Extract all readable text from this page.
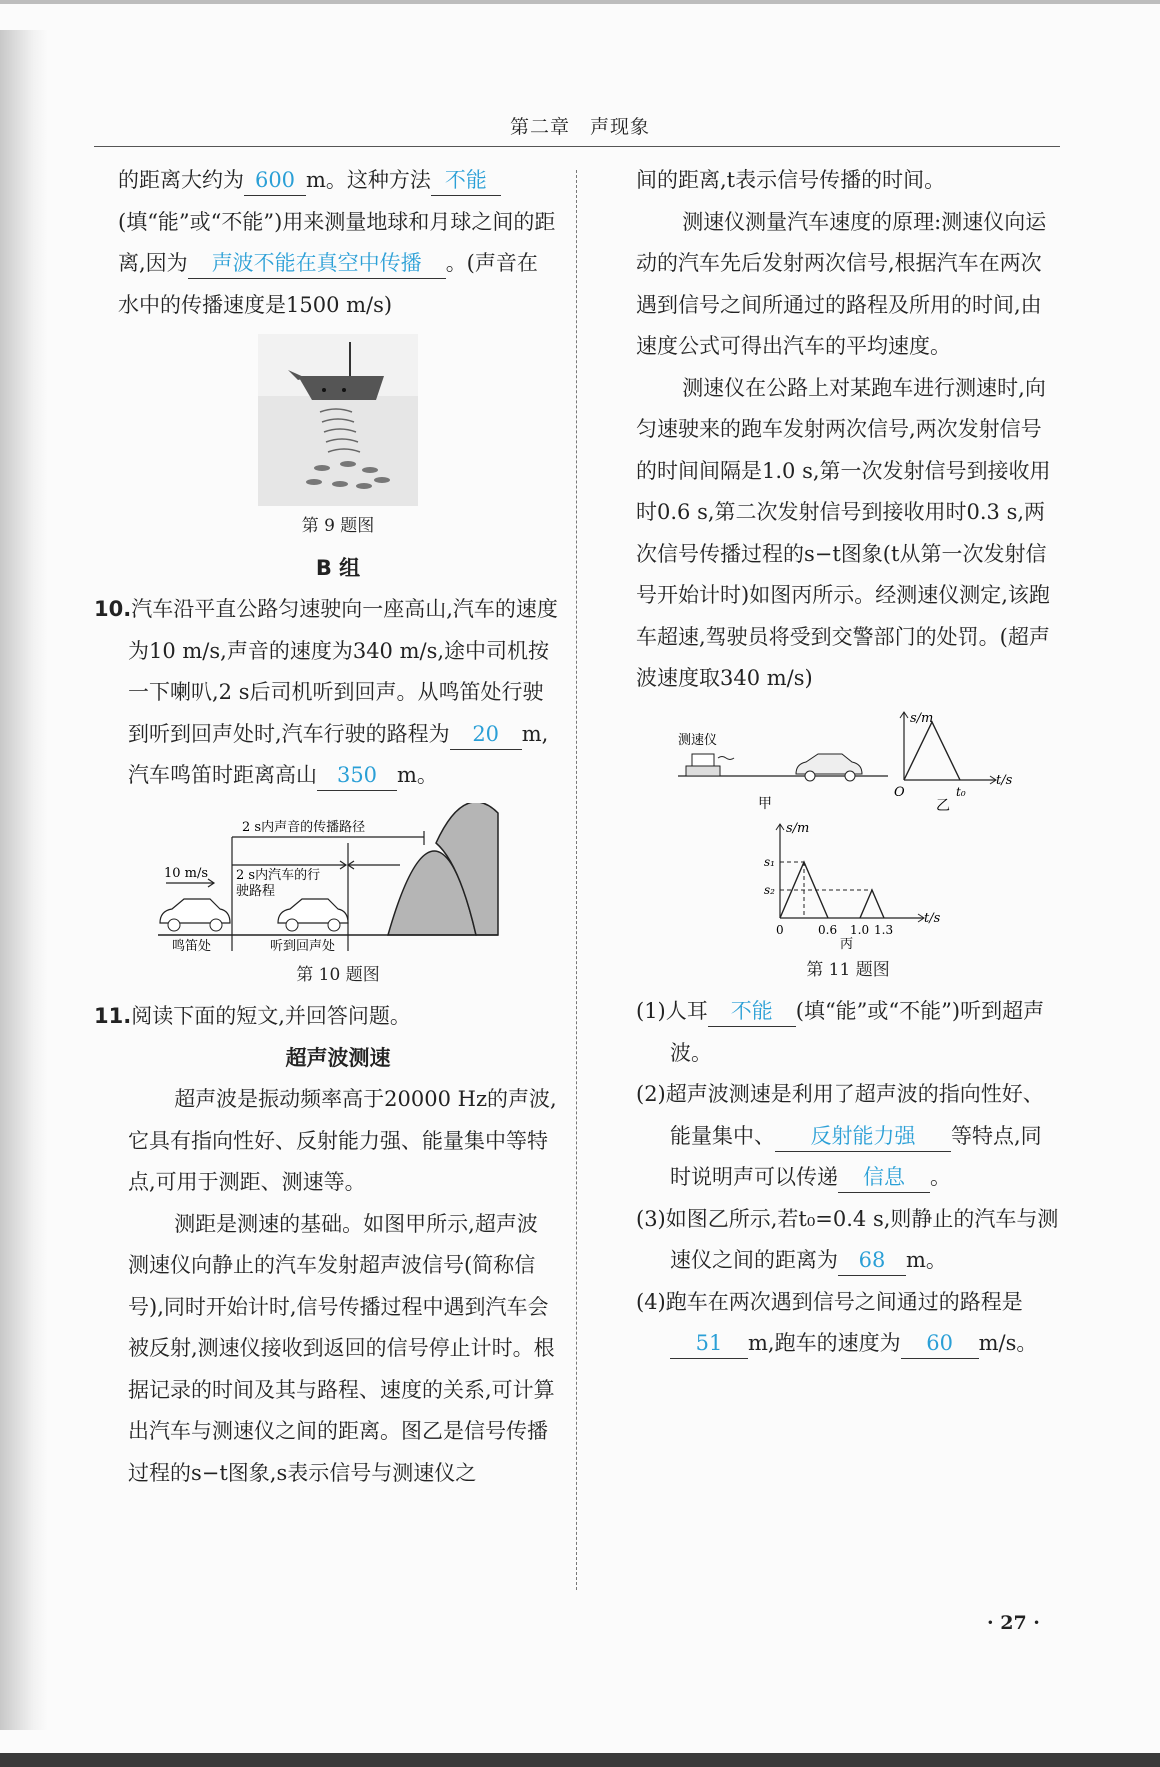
第二章 声现象

的距离大约为 600 m。这种方法 不能(填“能”或“不能”)用来测量地球和月球之间的距离,因为 声波不能在真空中传播 。(声音在水中的传播速度是1500 m/s)

第 9 题图

B 组

10.汽车沿平直公路匀速驶向一座高山,汽车的速度为10 m/s,声音的速度为340 m/s,途中司机按一下喇叭,2 s后司机听到回声。从鸣笛处行驶到听到回声处时,汽车行驶的路程为 20 m,汽车鸣笛时距离高山 350 m。

2 s内声音的传播路径
10 m/s 2 s内汽车的行
驶路程
鸣笛处	听到回声处

第 10 题图

11.阅读下面的短文,并回答问题。

超声波测速

超声波是振动频率高于20000 Hz的声波,它具有指向性好、反射能力强、能量集中等特点,可用于测距、测速等。

测距是测速的基础。如图甲所示,超声波测速仪向静止的汽车发射超声波信号(简称信号),同时开始计时,信号传播过程中遇到汽车会被反射,测速仪接收到返回的信号停止计时。根据记录的时间及其与路程、速度的关系,可计算出汽车与测速仪之间的距离。图乙是信号传播过程的s−t图象,s表示信号与测速仪之

间的距离,t表示信号传播的时间。

测速仪测量汽车速度的原理:测速仪向运动的汽车先后发射两次信号,根据汽车在两次遇到信号之间所通过的路程及所用的时间,由速度公式可得出汽车的平均速度。

测速仪在公路上对某跑车进行测速时,向匀速驶来的跑车发射两次信号,两次发射信号的时间间隔是1.0 s,第一次发射信号到接收用时0.6 s,第二次发射信号到接收用时0.3 s,两次信号传播过程的s−t图象(t从第一次发射信号开始计时)如图丙所示。经测速仪测定,该跑车超速,驾驶员将受到交警部门的处罚。(超声波速度取340 m/s)

测速仪
甲
s/m
t/s
O	t₀
乙
s/m
t/s
s₁
s₂
0	0.6 1.0 1.3
丙

第 11 题图

(1)人耳 不能 (填“能”或“不能”)听到超声波。

(2)超声波测速是利用了超声波的指向性好、能量集中、 反射能力强 等特点,同时说明声可以传递 信息 。

(3)如图乙所示,若t₀=0.4 s,则静止的汽车与测速仪之间的距离为 68 m。

(4)跑车在两次遇到信号之间通过的路程是51 m,跑车的速度为 60 m/s。

· 27 ·
